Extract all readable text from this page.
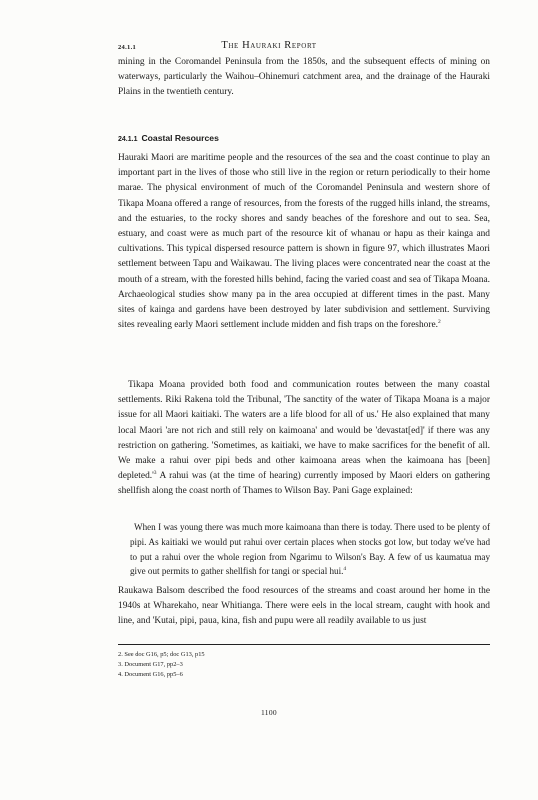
24.1.1	The Hauraki Report

mining in the Coromandel Peninsula from the 1850s, and the subsequent effects of mining on waterways, particularly the Waihou–Ohinemuri catchment area, and the drainage of the Hauraki Plains in the twentieth century.

24.1.1 Coastal Resources

Hauraki Maori are maritime people and the resources of the sea and the coast continue to play an important part in the lives of those who still live in the region or return periodically to their home marae. The physical environment of much of the Coromandel Peninsula and western shore of Tikapa Moana offered a range of resources, from the forests of the rugged hills inland, the streams, and the estuaries, to the rocky shores and sandy beaches of the foreshore and out to sea. Sea, estuary, and coast were as much part of the resource kit of whanau or hapu as their kainga and cultivations. This typical dispersed resource pattern is shown in figure 97, which illustrates Maori settlement between Tapu and Waikawau. The living places were concentrated near the coast at the mouth of a stream, with the forested hills behind, facing the varied coast and sea of Tikapa Moana. Archaeological studies show many pa in the area occupied at different times in the past. Many sites of kainga and gardens have been destroyed by later subdivision and settlement. Surviving sites revealing early Maori settlement include midden and fish traps on the foreshore.$^2$

Tikapa Moana provided both food and communication routes between the many coastal settlements. Riki Rakena told the Tribunal, 'The sanctity of the water of Tikapa Moana is a major issue for all Maori kaitiaki. The waters are a life blood for all of us.' He also explained that many local Maori 'are not rich and still rely on kaimoana' and would be 'devastat[ed]' if there was any restriction on gathering. 'Sometimes, as kaitiaki, we have to make sacrifices for the benefit of all. We make a rahui over pipi beds and other kaimoana areas when the kaimoana has [been] $depleted.'^3$ A rahui was (at the time of hearing) currently imposed by Maori elders on gathering shellfish along the coast north of Thames to Wilson Bay. Pani Gage explained:

When I was young there was much more kaimoana than there is today. There used to be plenty of pipi. As kaitiaki we would put rahui over certain places when stocks got low, but today we've had to put a rahui over the whole region from Ngarimu to Wilson's Bay. A few of us kaumatua may give out permits to gather shellfish for tangi or special hui.$^4$

Raukawa Balsom described the food resources of the streams and coast around her home in the 1940s at Wharekaho, near Whitianga. There were eels in the local stream, caught with hook and line, and 'Kutai, pipi, paua, kina, fish and pupu were all readily available to us just

2. See doc G16, p5; doc G13, p15
3. Document G17, pp2–3
4. Document G16, pp5–6
1100
